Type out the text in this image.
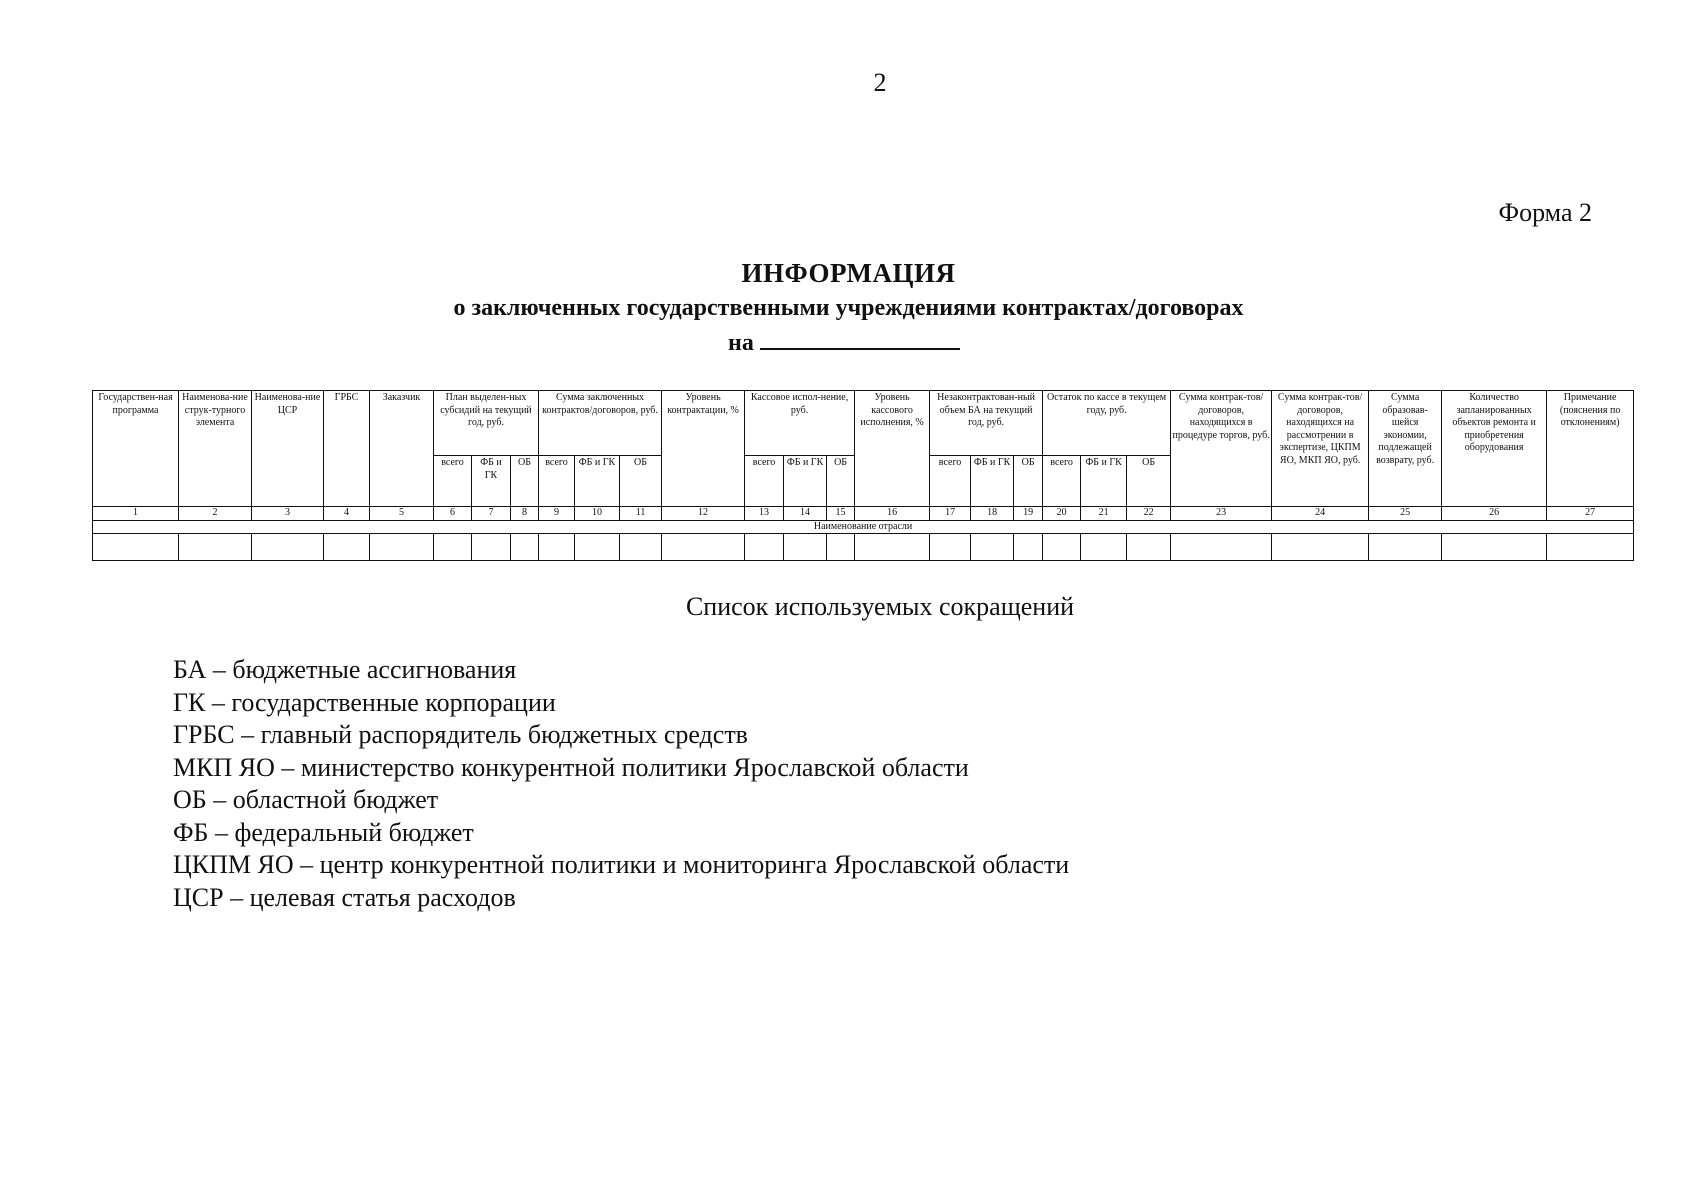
2
Форма 2
ИНФОРМАЦИЯ
о заключенных государственными учреждениями контрактах/договорах
на
Государствен-ная программа	Наименова-ние струк-турного элемента	Наименова-ние ЦСР	ГРБС	Заказчик	План выделен-ных субсидий на текущий год, руб.			Сумма заключенных контрактов/договоров, руб.			Уровень контрактации, %	Кассовое испол-нение, руб.			Уровень кассового исполнения, %	Незаконтрактован-ный объем БА на текущий год, руб.			Остаток по кассе в текущем году, руб.			Сумма контрак-тов/ договоров, находящихся в процедуре торгов, руб.	Сумма контрак-тов/ договоров, находящихся на рассмотрении в экспертизе, ЦКПМ ЯО, МКП ЯО, руб.	Сумма образовав-шейся экономии, подлежащей возврату, руб.	Количество запланированных объектов ремонта и приобретения оборудования	Примечание (пояснения по отклонениям)
					всего	ФБ и ГК	ОБ	всего	ФБ и ГК	ОБ		всего	ФБ и ГК	ОБ		всего	ФБ и ГК	ОБ	всего	ФБ и ГК	ОБ					
1	2	3	4	5	6	7	8	9	10	11	12	13	14	15	16	17	18	19	20	21	22	23	24	25	26	27
Наименование отрасли																										

Список используемых сокращений
БА – бюджетные ассигнования
ГК – государственные корпорации
ГРБС – главный распорядитель бюджетных средств
МКП ЯО – министерство конкурентной политики Ярославской области
ОБ – областной бюджет
ФБ – федеральный бюджет
ЦКПМ ЯО – центр конкурентной политики и мониторинга Ярославской области
ЦСР – целевая статья расходов
